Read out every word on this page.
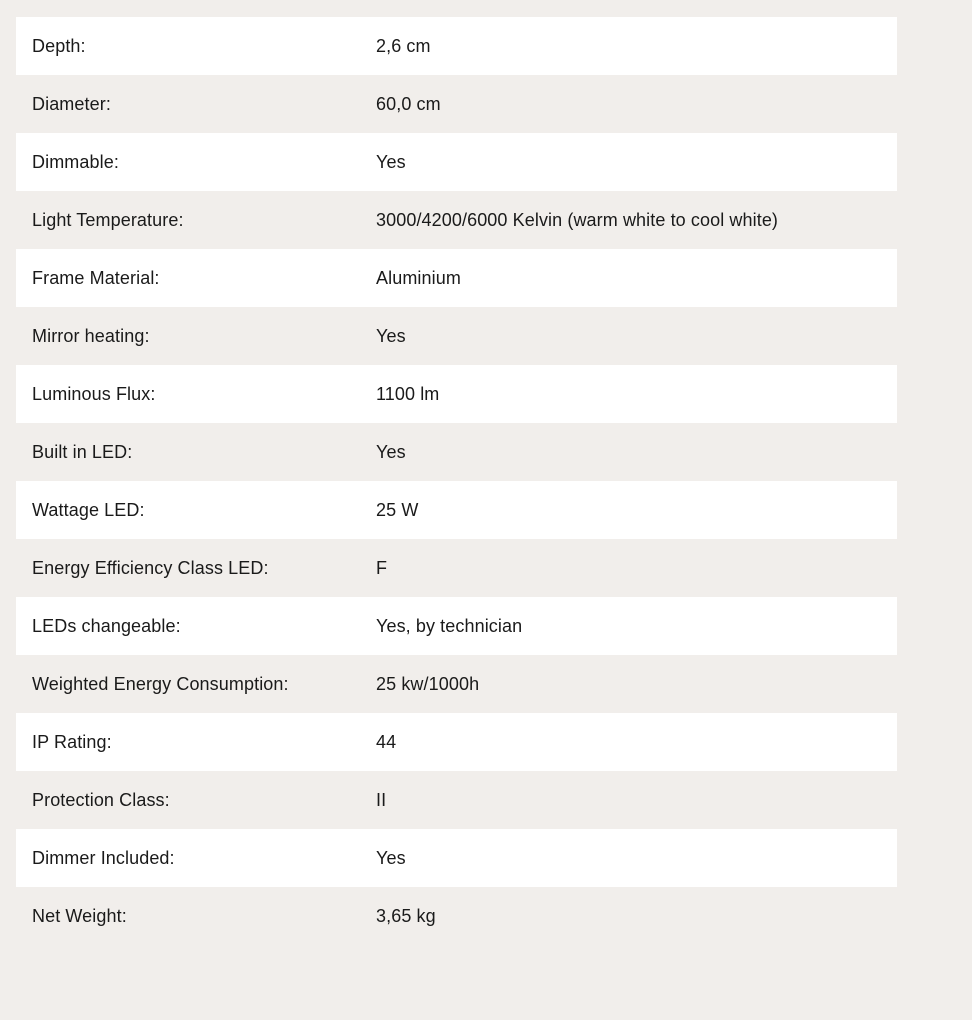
Depth:	2,6 cm
Diameter:	60,0 cm
Dimmable:	Yes
Light Temperature:	3000/4200/6000 Kelvin (warm white to cool white)
Frame Material:	Aluminium
Mirror heating:	Yes
Luminous Flux:	1100 lm
Built in LED:	Yes
Wattage LED:	25 W
Energy Efficiency Class LED:	F
LEDs changeable:	Yes, by technician
Weighted Energy Consumption:	25 kw/1000h
IP Rating:	44
Protection Class:	II
Dimmer Included:	Yes
Net Weight:	3,65 kg
